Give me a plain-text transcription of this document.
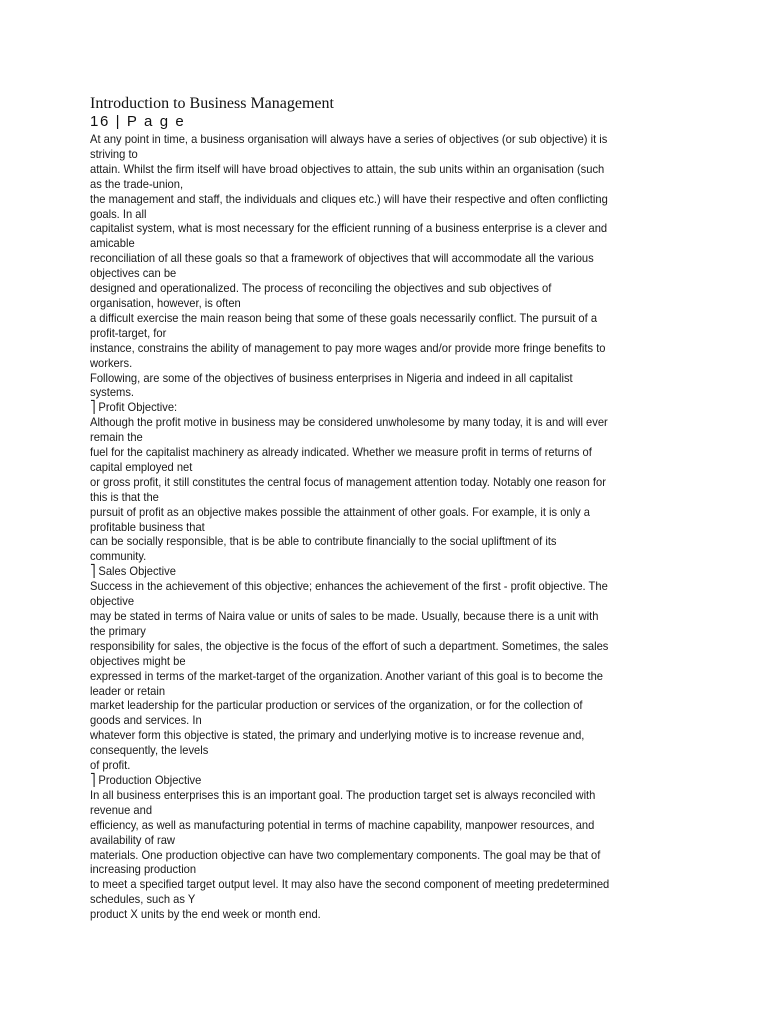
Introduction to Business Management
16 | P a g e

At any point in time, a business organisation will always have a series of objectives (or sub objective) it is

striving to

attain. Whilst the firm itself will have broad objectives to attain, the sub units within an organisation (such

as the trade-union,

the management and staff, the individuals and cliques etc.) will have their respective and often conflicting

goals. In all

capitalist system, what is most necessary for the efficient running of a business enterprise is a clever and

amicable

reconciliation of all these goals so that a framework of objectives that will accommodate all the various

objectives can be

designed and operationalized. The process of reconciling the objectives and sub objectives of

organisation, however, is often

a difficult exercise the main reason being that some of these goals necessarily conflict. The pursuit of a

profit-target, for

instance, constrains the ability of management to pay more wages and/or provide more fringe benefits to

workers.

Following, are some of the objectives of business enterprises in Nigeria and indeed in all capitalist

systems.

⎤ Profit Objective:

Although the profit motive in business may be considered unwholesome by many today, it is and will ever

remain the

fuel for the capitalist machinery as already indicated. Whether we measure profit in terms of returns of

capital employed net

or gross profit, it still constitutes the central focus of management attention today. Notably one reason for

this is that the

pursuit of profit as an objective makes possible the attainment of other goals. For example, it is only a

profitable business that

can be socially responsible, that is be able to contribute financially to the social upliftment of its

community.

⎤ Sales Objective

Success in the achievement of this objective; enhances the achievement of the first - profit objective. The

objective

may be stated in terms of Naira value or units of sales to be made. Usually, because there is a unit with

the primary

responsibility for sales, the objective is the focus of the effort of such a department. Sometimes, the sales

objectives might be

expressed in terms of the market-target of the organization. Another variant of this goal is to become the

leader or retain

market leadership for the particular production or services of the organization, or for the collection of

goods and services. In

whatever form this objective is stated, the primary and underlying motive is to increase revenue and,

consequently, the levels

of profit.

⎤ Production Objective

In all business enterprises this is an important goal. The production target set is always reconciled with

revenue and

efficiency, as well as manufacturing potential in terms of machine capability, manpower resources, and

availability of raw

materials. One production objective can have two complementary components. The goal may be that of

increasing production

to meet a specified target output level. It may also have the second component of meeting predetermined

schedules, such as Y

product X units by the end week or month end.
